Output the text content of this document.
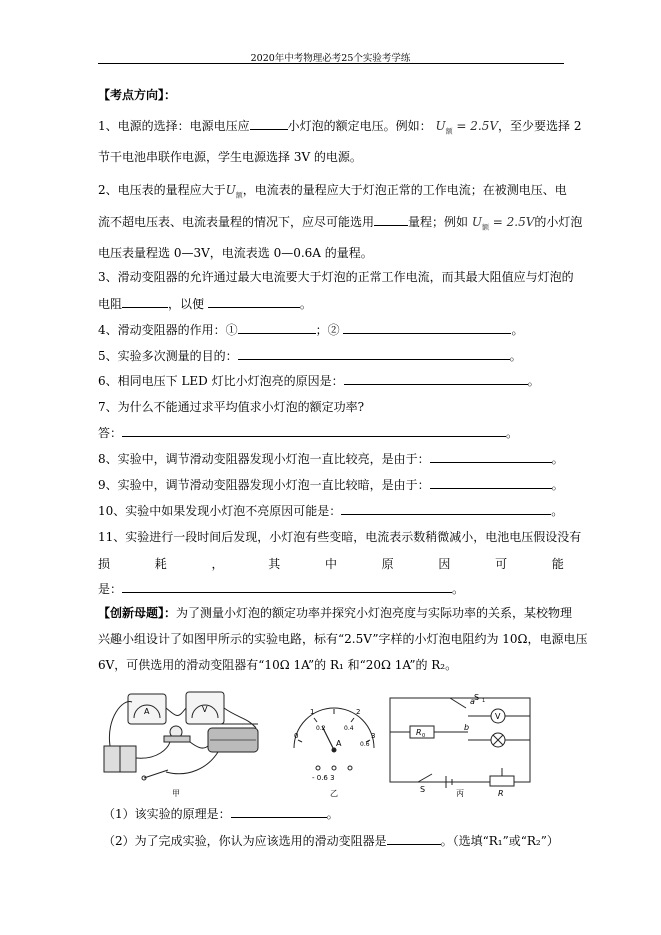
2020年中考物理必考25个实验考学练
【考点方向】：
1、电源的选择：电源电压应	小灯泡的额定电压。例如： $U_额 = 2.5V$，至少要选择 2
节干电池串联作电源，学生电源选择 3V 的电源。
2、电压表的量程应大于$U_额$，电流表的量程应大于灯泡正常的工作电流；在被测电压、电
流不超电压表、电流表量程的情况下，应尽可能选用	量程；例如 $U_额 = 2.5V$的小灯泡
电压表量程选 0—3V，电流表选 0—0.6A 的量程。
3、滑动变阻器的允许通过最大电流要大于灯泡的正常工作电流，而其最大阻值应与灯泡的
电阻	，以便	。
4、滑动变阻器的作用：①	；②	。
5、实验多次测量的目的：	。
6、相同电压下 LED 灯比小灯泡亮的原因是：	。
7、为什么不能通过求平均值求小灯泡的额定功率?
答：	。
8、实验中，调节滑动变阻器发现小灯泡一直比较亮，是由于：	。
9、实验中，调节滑动变阻器发现小灯泡一直比较暗，是由于：	。
10、实验中如果发现小灯泡不亮原因可能是：	。
11、实验进行一段时间后发现，小灯泡有些变暗，电流表示数稍微减小，电池电压假设没有
损	耗	，	其	中	原	因	可	能
是：	。
【创新母题】：为了测量小灯泡的额定功率并探究小灯泡亮度与实际功率的关系，某校物理
兴趣小组设计了如图甲所示的实验电路，标有“2.5V”字样的小灯泡电阻约为 10Ω，电源电压
6V，可供选用的滑动变阻器有“10Ω 1A”的 R₁ 和“20Ω 1A”的 R₂。
A	V
甲
0
1	2
3
0.2	0.4
0.6
A
- 0.6 3
乙
a
b
S 1
V
R 0
S	R
丙
（1）该实验的原理是：	。
（2）为了完成实验，你认为应该选用的滑动变阻器是	。（选填“R₁”或“R₂”）
